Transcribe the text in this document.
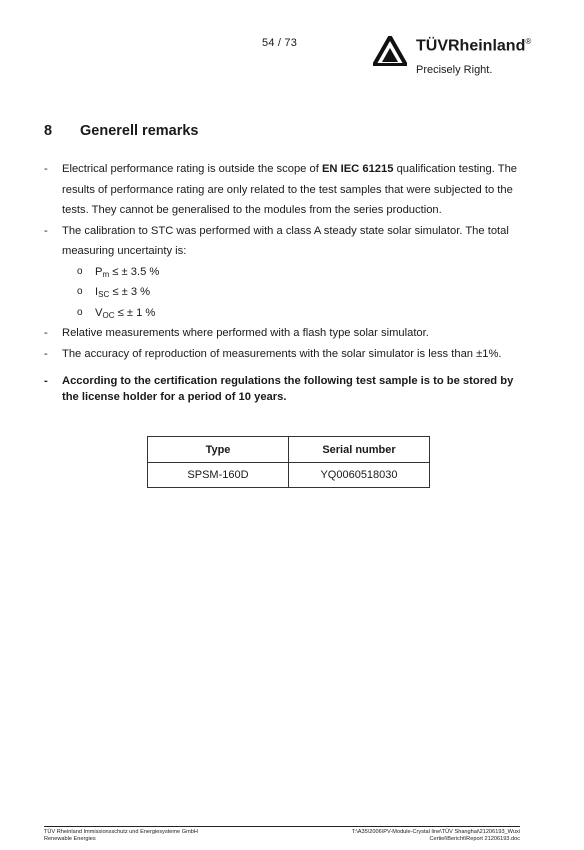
54 / 73	TÜVRheinland®
Precisely Right.
8 Generell remarks
- Electrical performance rating is outside the scope of EN IEC 61215 qualification testing. The results of performance rating are only related to the test samples that were subjected to the tests. They cannot be generalised to the modules from the series production.
- The calibration to STC was performed with a class A steady state solar simulator. The total measuring uncertainty is:
o $P_m$ ≤ ± 3.5 %
o $I_{SC}$ ≤ ± 3 %
o $V_{OC}$ ≤ ± 1 %
- Relative measurements where performed with a flash type solar simulator.
- The accuracy of reproduction of measurements with the solar simulator is less than ±1%.
- According to the certification regulations the following test sample is to be stored by the license holder for a period of 10 years.
Type	Serial number
SPSM-160D	YQ0060518030
TÜV Rheinland Immissionsschutz und Energiesysteme GmbH
Renewable Energies
T:\A35\2006\PV-Module-Crystal line\TÜV Shanghai\21206193_Wuxi
Certiel\Bericht\Report 21206193.doc
